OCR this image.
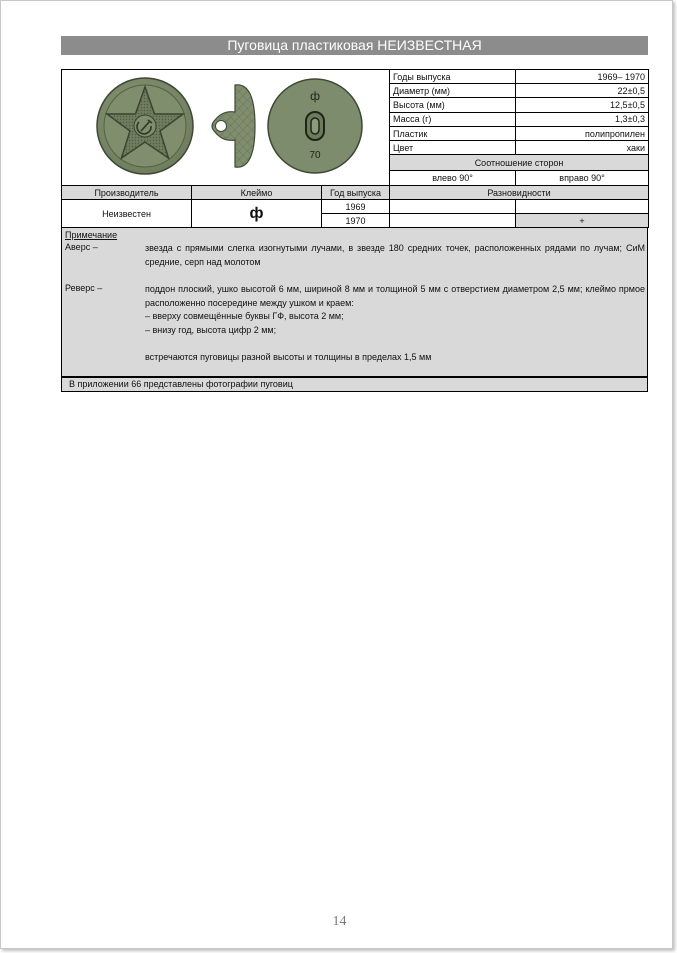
Пуговица пластиковая НЕИЗВЕСТНАЯ
ф
70			Годы выпуска	1969– 1970
			Диаметр (мм)	22±0,5
			Высота (мм)	12,5±0,5
			Масса (г)	1,3±0,3
			Пластик	полипропилен
			Цвет	хаки
			Соотношение сторон	
			влево 90°	вправо 90°
Производитель	Клеймо	Год выпуска	Разновидности	
Неизвестен	ф	1969		
		1970		+
Примечание
Аверс –	звезда с прямыми слегка изогнутыми лучами, в звезде 180 средних точек, расположенных рядами по лучам; СиМ средние, серп над молотом
Реверс –	поддон плоский, ушко высотой 6 мм, шириной 8 мм и толщиной 5 мм с отверстием диаметром 2,5 мм; клеймо прмое расположенно посередине между ушком и краем:

– вверху совмещённые буквы ГФ, высота 2 мм;

– внизу год, высота цифр 2 мм;

встречаются пуговицы разной высоты и толщины в пределах 1,5 мм

В приложении 66 представлены фотографии пуговиц
14
